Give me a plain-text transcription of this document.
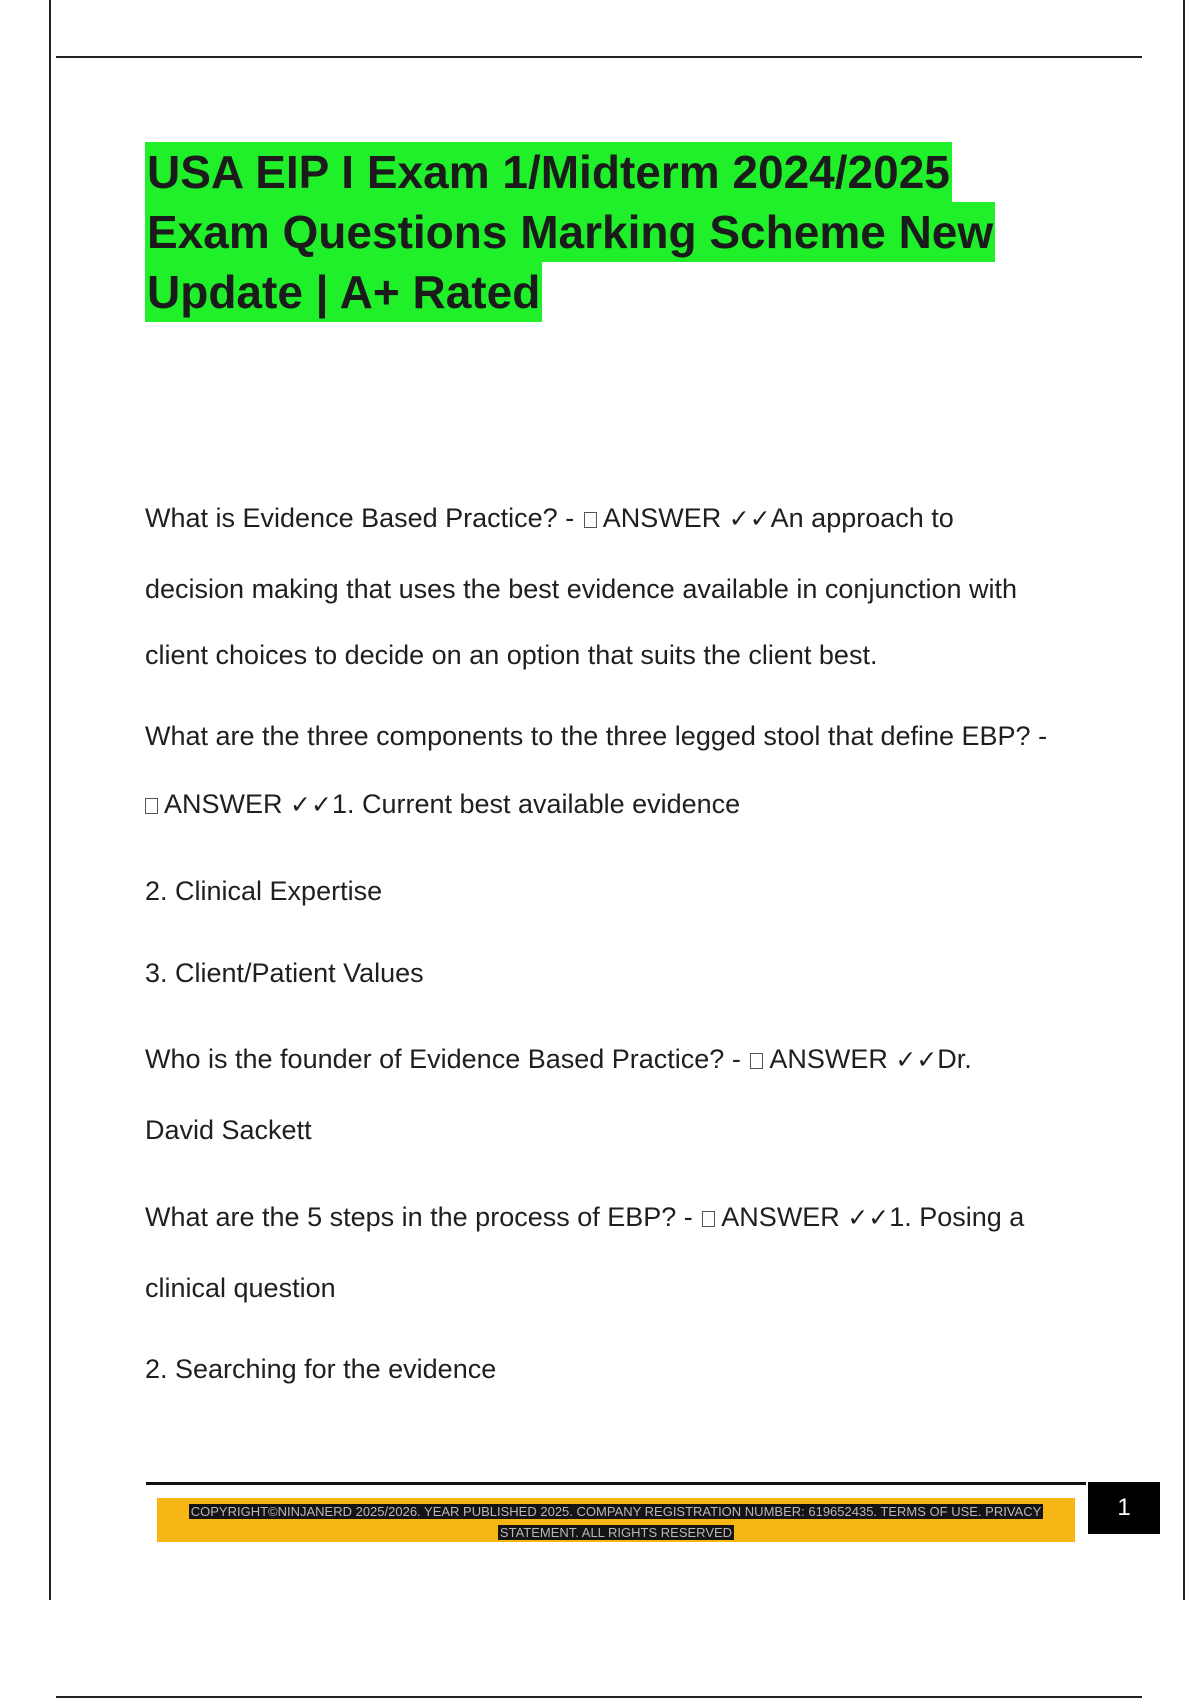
USA EIP I Exam 1/Midterm 2024/2025
Exam Questions Marking Scheme New
Update | A+ Rated
What is Evidence Based Practice? - ANSWER ✓✓An approach to
decision making that uses the best evidence available in conjunction with
client choices to decide on an option that suits the client best.
What are the three components to the three legged stool that define EBP? -
ANSWER ✓✓1. Current best available evidence
2. Clinical Expertise
3. Client/Patient Values
Who is the founder of Evidence Based Practice? - ANSWER ✓✓Dr.
David Sackett
What are the 5 steps in the process of EBP? - ANSWER ✓✓1. Posing a
clinical question
2. Searching for the evidence
COPYRIGHT©NINJANERD 2025/2026. YEAR PUBLISHED 2025. COMPANY REGISTRATION NUMBER: 619652435. TERMS OF USE. PRIVACY
STATEMENT. ALL RIGHTS RESERVED
1
